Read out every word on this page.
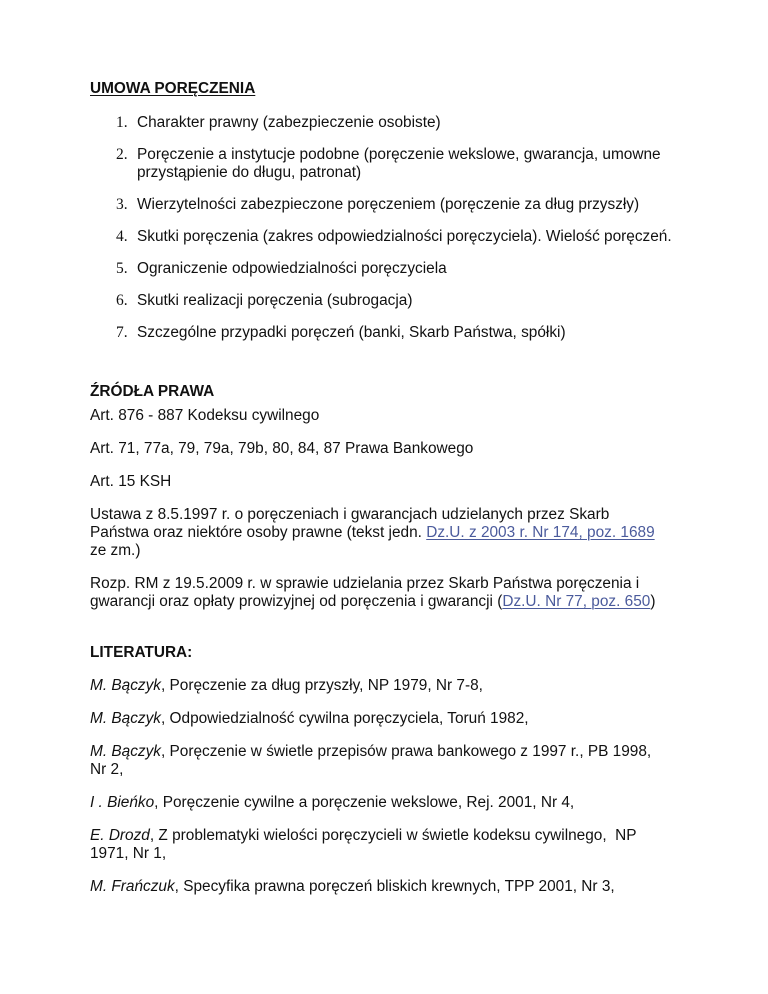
UMOWA PORĘCZENIA
1. Charakter prawny (zabezpieczenie osobiste)
2. Poręczenie a instytucje podobne (poręczenie wekslowe, gwarancja, umowne
przystąpienie do długu, patronat)
3. Wierzytelności zabezpieczone poręczeniem (poręczenie za dług przyszły)
4. Skutki poręczenia (zakres odpowiedzialności poręczyciela). Wielość poręczeń.
5. Ograniczenie odpowiedzialności poręczyciela
6. Skutki realizacji poręczenia (subrogacja)
7. Szczególne przypadki poręczeń (banki, Skarb Państwa, spółki)
ŹRÓDŁA PRAWA
Art. 876 - 887 Kodeksu cywilnego
Art. 71, 77a, 79, 79a, 79b, 80, 84, 87 Prawa Bankowego
Art. 15 KSH
Ustawa z 8.5.1997 r. o poręczeniach i gwarancjach udzielanych przez Skarb
Państwa oraz niektóre osoby prawne (tekst jedn. Dz.U. z 2003 r. Nr 174, poz. 1689
ze zm.)
Rozp. RM z 19.5.2009 r. w sprawie udzielania przez Skarb Państwa poręczenia i
gwarancji oraz opłaty prowizyjnej od poręczenia i gwarancji (Dz.U. Nr 77, poz. 650)
LITERATURA:
M. Bączyk, Poręczenie za dług przyszły, NP 1979, Nr 7-8,
M. Bączyk, Odpowiedzialność cywilna poręczyciela, Toruń 1982,
M. Bączyk, Poręczenie w świetle przepisów prawa bankowego z 1997 r., PB 1998,
Nr 2,
I . Bieńko, Poręczenie cywilne a poręczenie wekslowe, Rej. 2001, Nr 4,
E. Drozd, Z problematyki wielości poręczycieli w świetle kodeksu cywilnego,  NP
1971, Nr 1,
M. Frańczuk, Specyfika prawna poręczeń bliskich krewnych, TPP 2001, Nr 3,
